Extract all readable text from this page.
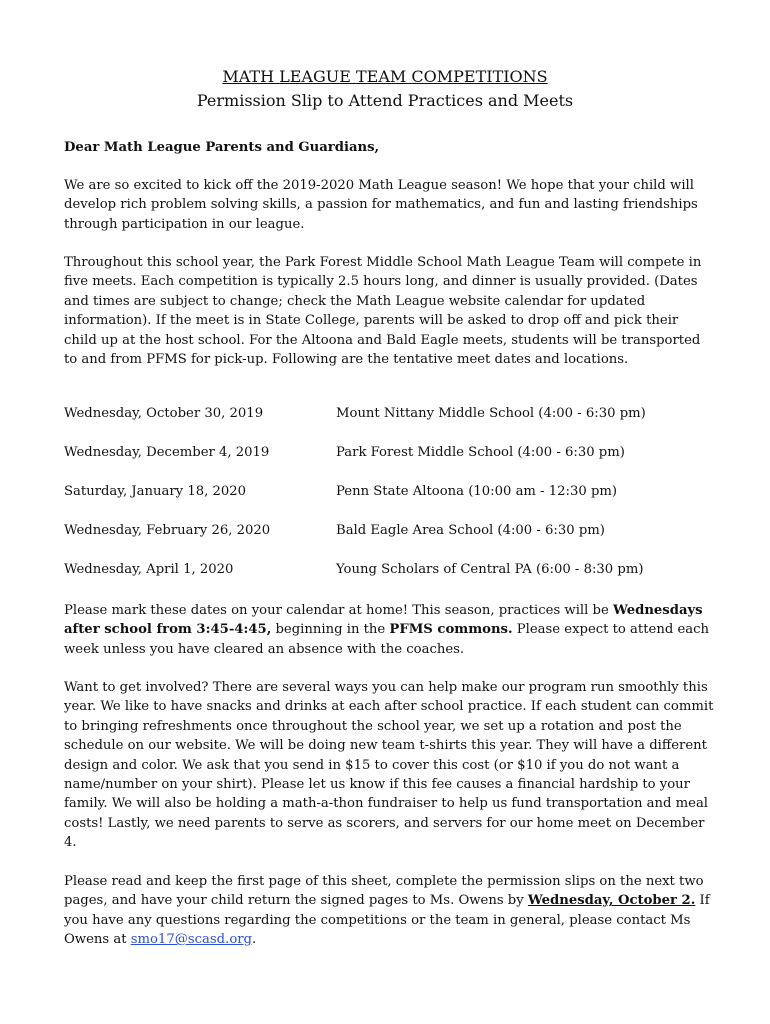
MATH LEAGUE TEAM COMPETITIONS
Permission Slip to Attend Practices and Meets
Dear Math League Parents and Guardians,
We are so excited to kick off the 2019-2020 Math League season! We hope that your child will develop rich problem solving skills, a passion for mathematics, and fun and lasting friendships through participation in our league.
Throughout this school year, the Park Forest Middle School Math League Team will compete in five meets. Each competition is typically 2.5 hours long, and dinner is usually provided. (Dates and times are subject to change; check the Math League website calendar for updated information). If the meet is in State College, parents will be asked to drop off and pick their child up at the host school. For the Altoona and Bald Eagle meets, students will be transported to and from PFMS for pick-up. Following are the tentative meet dates and locations.
Wednesday, October 30, 2019	Mount Nittany Middle School (4:00 - 6:30 pm)
Wednesday, December 4, 2019	Park Forest Middle School (4:00 - 6:30 pm)
Saturday, January 18, 2020	Penn State Altoona (10:00 am - 12:30 pm)
Wednesday, February 26, 2020	Bald Eagle Area School (4:00 - 6:30 pm)
Wednesday, April 1, 2020	Young Scholars of Central PA (6:00 - 8:30 pm)
Please mark these dates on your calendar at home! This season, practices will be Wednesdays after school from 3:45-4:45, beginning in the PFMS commons. Please expect to attend each week unless you have cleared an absence with the coaches.
Want to get involved? There are several ways you can help make our program run smoothly this year. We like to have snacks and drinks at each after school practice. If each student can commit to bringing refreshments once throughout the school year, we set up a rotation and post the schedule on our website. We will be doing new team t-shirts this year. They will have a different design and color. We ask that you send in $15 to cover this cost (or $10 if you do not want a name/number on your shirt). Please let us know if this fee causes a financial hardship to your family. We will also be holding a math-a-thon fundraiser to help us fund transportation and meal costs! Lastly, we need parents to serve as scorers, and servers for our home meet on December 4.
Please read and keep the first page of this sheet, complete the permission slips on the next two pages, and have your child return the signed pages to Ms. Owens by Wednesday, October 2. If you have any questions regarding the competitions or the team in general, please contact Ms Owens at smo17@scasd.org.
